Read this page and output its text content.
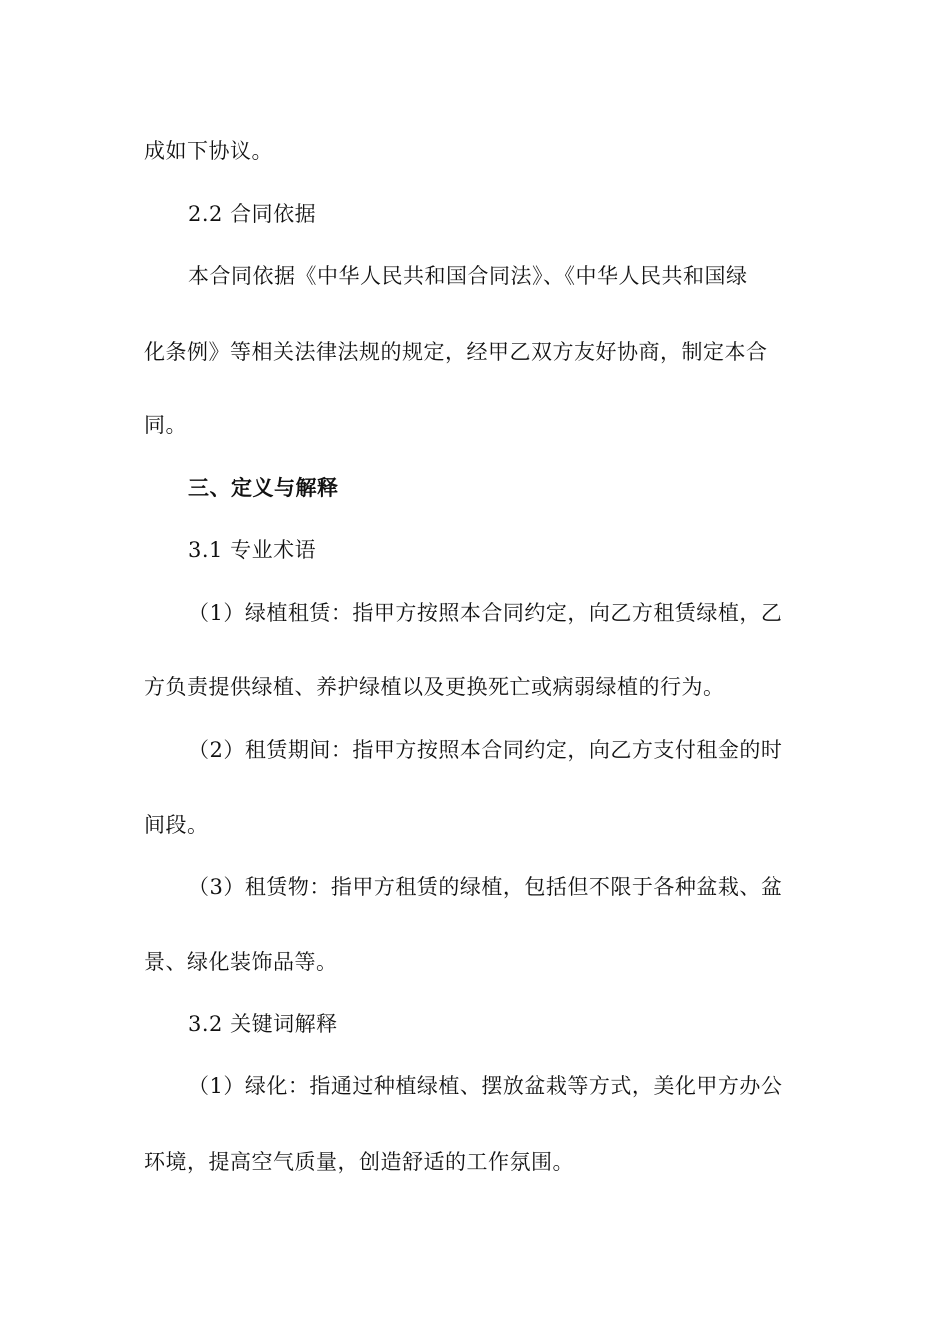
成如下协议。
2.2 合同依据
本合同依据《中华人民共和国合同法》、《中华人民共和国绿
化条例》等相关法律法规的规定，经甲乙双方友好协商，制定本合
同。
三、定义与解释
3.1 专业术语
（1）绿植租赁：指甲方按照本合同约定，向乙方租赁绿植，乙
方负责提供绿植、养护绿植以及更换死亡或病弱绿植的行为。
（2）租赁期间：指甲方按照本合同约定，向乙方支付租金的时
间段。
（3）租赁物：指甲方租赁的绿植，包括但不限于各种盆栽、盆
景、绿化装饰品等。
3.2 关键词解释
（1）绿化：指通过种植绿植、摆放盆栽等方式，美化甲方办公
环境，提高空气质量，创造舒适的工作氛围。
